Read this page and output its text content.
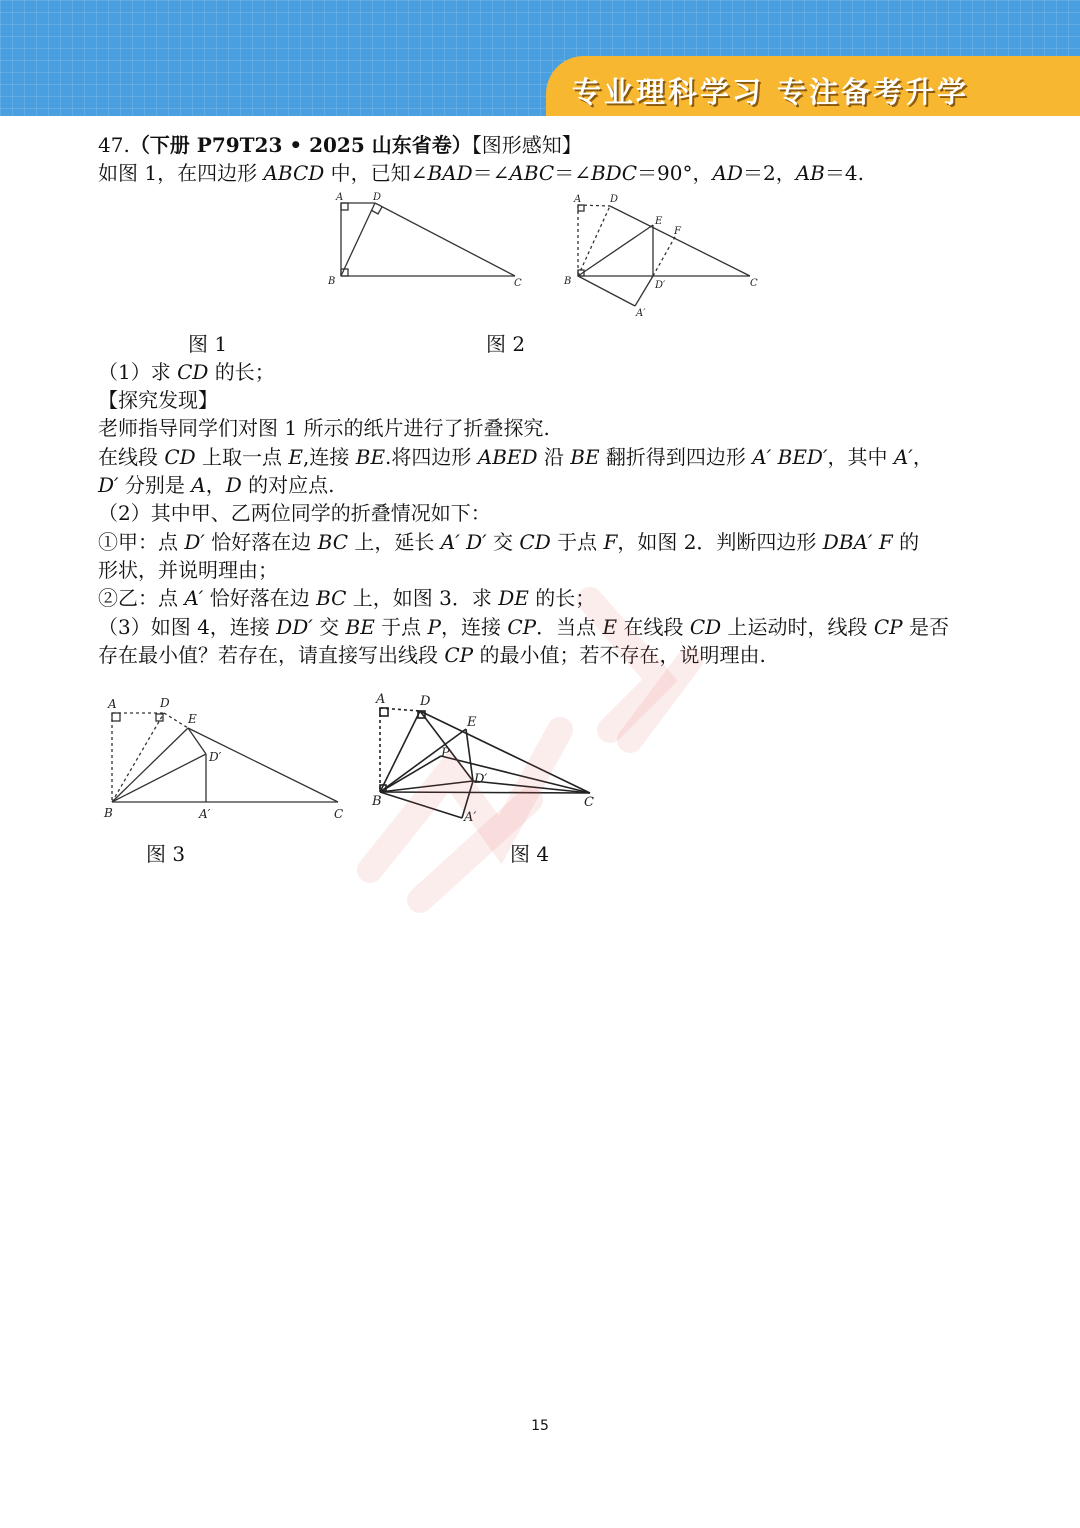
专业理科学习 专注备考升学
47.（下册 P79T23 • 2025 山东省卷）【图形感知】
如图 1，在四边形 ABCD 中，已知∠BAD＝∠ABC＝∠BDC＝90°，AD＝2，AB＝4.
A	D
B	C
A	D
E
F
B	D′	C
A′
图 1	图 2
（1）求 CD 的长；
【探究发现】
老师指导同学们对图 1 所示的纸片进行了折叠探究.
在线段 CD 上取一点 E,连接 BE.将四边形 ABED 沿 BE 翻折得到四边形 A′ BED′，其中 A′，
D′ 分别是 A，D 的对应点.
（2）其中甲、乙两位同学的折叠情况如下：
①甲：点 D′ 恰好落在边 BC 上，延长 A′ D′ 交 CD 于点 F，如图 2．判断四边形 DBA′ F 的
形状，并说明理由；
②乙：点 A′ 恰好落在边 BC 上，如图 3．求 DE 的长；
（3）如图 4，连接 DD′ 交 BE 于点 P，连接 CP．当点 E 在线段 CD 上运动时，线段 CP 是否
存在最小值？若存在，请直接写出线段 CP 的最小值；若不存在，说明理由.
A	D
E
D′
B	A′	C
A	D
E
P
D′
B
A′
C
图 3	图 4
15
